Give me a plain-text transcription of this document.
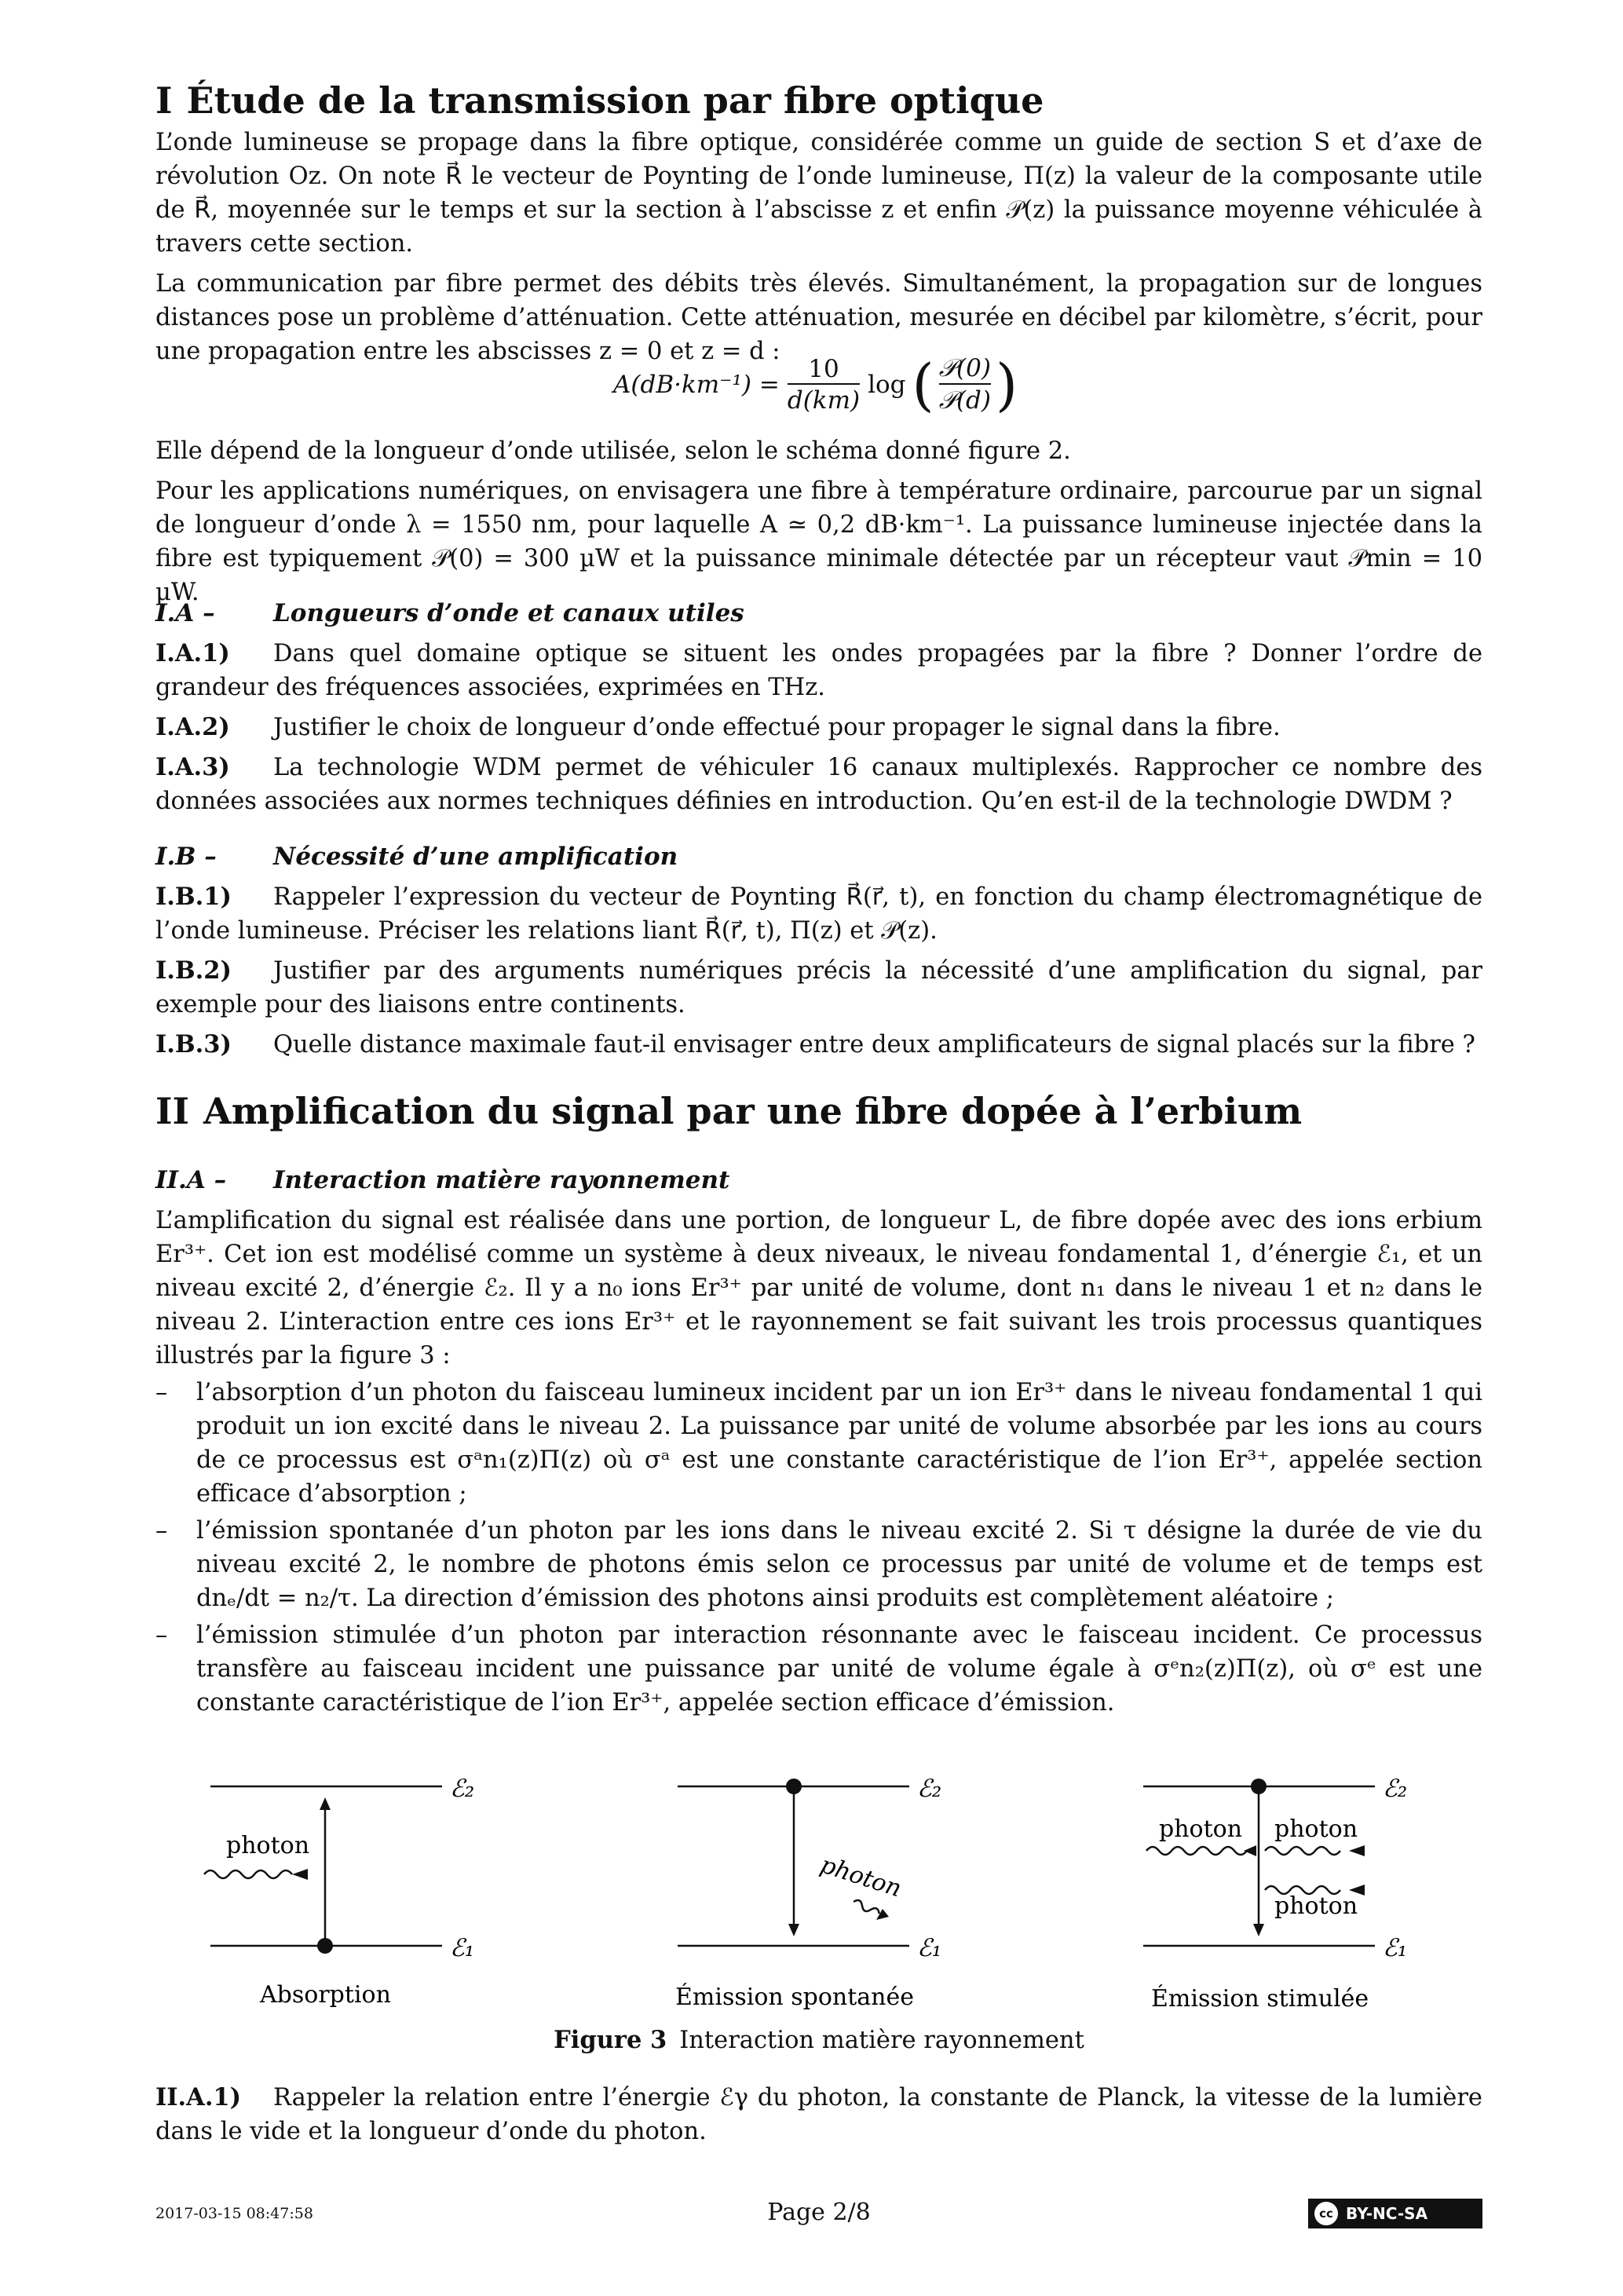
I Étude de la transmission par fibre optique

L’onde lumineuse se propage dans la fibre optique, considérée comme un guide de section S et d’axe de révolution Oz. On note R⃗ le vecteur de Poynting de l’onde lumineuse, Π(z) la valeur de la composante utile de R⃗, moyennée sur le temps et sur la section à l’abscisse z et enfin 𝒫(z) la puissance moyenne véhiculée à travers cette section.

La communication par fibre permet des débits très élevés. Simultanément, la propagation sur de longues distances pose un problème d’atténuation. Cette atténuation, mesurée en décibel par kilomètre, s’écrit, pour une propagation entre les abscisses z = 0 et z = d :

$A(dB\cdot km^{-1}) = \frac{10}{d(km)}$ log ( 𝒫(0)
𝒫(d) )

Elle dépend de la longueur d’onde utilisée, selon le schéma donné figure 2.

Pour les applications numériques, on envisagera une fibre à température ordinaire, parcourue par un signal de longueur d’onde λ = 1550 nm, pour laquelle A ≃ 0,2 dB·km⁻¹. La puissance lumineuse injectée dans la fibre est typiquement 𝒫(0) = 300 µW et la puissance minimale détectée par un récepteur vaut 𝒫min = 10 µW.

I.A – Longueurs d’onde et canaux utiles

I.A.1) Dans quel domaine optique se situent les ondes propagées par la fibre ? Donner l’ordre de grandeur des fréquences associées, exprimées en THz.

I.A.2) Justifier le choix de longueur d’onde effectué pour propager le signal dans la fibre.

I.A.3) La technologie WDM permet de véhiculer 16 canaux multiplexés. Rapprocher ce nombre des données associées aux normes techniques définies en introduction. Qu’en est-il de la technologie DWDM ?

I.B – Nécessité d’une amplification

I.B.1) Rappeler l’expression du vecteur de Poynting R⃗(r⃗, t), en fonction du champ électromagnétique de l’onde lumineuse. Préciser les relations liant R⃗(r⃗, t), Π(z) et 𝒫(z).

I.B.2) Justifier par des arguments numériques précis la nécessité d’une amplification du signal, par exemple pour des liaisons entre continents.

I.B.3) Quelle distance maximale faut-il envisager entre deux amplificateurs de signal placés sur la fibre ?

II Amplification du signal par une fibre dopée à l’erbium
II.A – Interaction matière rayonnement

L’amplification du signal est réalisée dans une portion, de longueur L, de fibre dopée avec des ions erbium Er³⁺. Cet ion est modélisé comme un système à deux niveaux, le niveau fondamental 1, d’énergie ℰ₁, et un niveau excité 2, d’énergie ℰ₂. Il y a n₀ ions Er³⁺ par unité de volume, dont n₁ dans le niveau 1 et n₂ dans le niveau 2. L’interaction entre ces ions Er³⁺ et le rayonnement se fait suivant les trois processus quantiques illustrés par la figure 3 :

–	l’absorption d’un photon du faisceau lumineux incident par un ion Er³⁺ dans le niveau fondamental 1 qui produit un ion excité dans le niveau 2. La puissance par unité de volume absorbée par les ions au cours de ce processus est σᵃn₁(z)Π(z) où σᵃ est une constante caractéristique de l’ion Er³⁺, appelée section efficace d’absorption ;
–	l’émission spontanée d’un photon par les ions dans le niveau excité 2. Si τ désigne la durée de vie du niveau excité 2, le nombre de photons émis selon ce processus par unité de volume et de temps est dnₑ/dt = n₂/τ. La direction d’émission des photons ainsi produits est complètement aléatoire ;
–	l’émission stimulée d’un photon par interaction résonnante avec le faisceau incident. Ce processus transfère au faisceau incident une puissance par unité de volume égale à σᵉn₂(z)Π(z), où σᵉ est une constante caractéristique de l’ion Er³⁺, appelée section efficace d’émission.
ℰ₂
ℰ₁
photon
Absorption
ℰ₂
ℰ₁
photon
Émission spontanée
ℰ₂
ℰ₁
photon photon
photon
Émission stimulée

Figure 3 Interaction matière rayonnement

II.A.1) Rappeler la relation entre l’énergie ℰγ du photon, la constante de Planck, la vitesse de la lumière dans le vide et la longueur d’onde du photon.

2017-03-15 08:47:58	Page 2/8	cc BY-NC-SA
